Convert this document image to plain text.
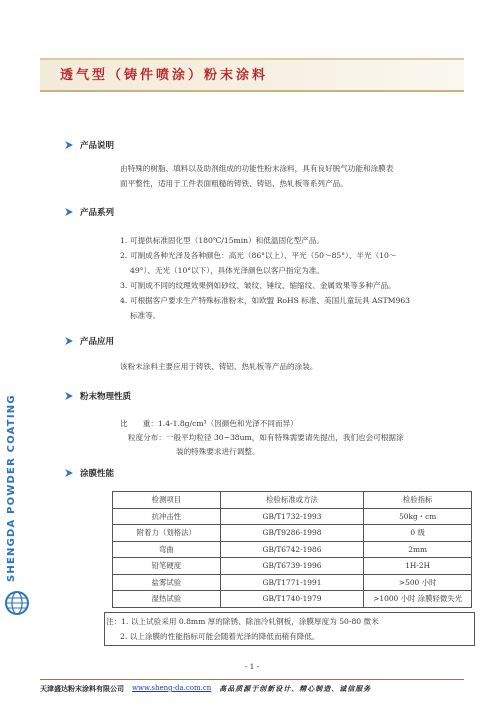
透气型（铸件喷涂）粉末涂料
SHENGDA POWDER COATING
产品说明
由特殊的树脂、填料以及助剂组成的功能性粉末涂料，具有良好脱气功能和涂膜表
面平整性，适用于工件表面粗糙的铸铁、铸铝、热轧板等系列产品。
产品系列
1. 可提供标准固化型（180℃/15min）和低温固化型产品。
2. 可制成各种光泽及各种颜色：高光（86°以上）、平光（50～85°）、半光（10～
49°）、无光（10°以下），具体光泽颜色以客户指定为准。
3. 可制成不同的纹理效果例如砂纹、皱纹、锤纹、缩缩纹、金属效果等多种产品。
4. 可根据客户要求生产特殊标准粉末，如欧盟 RoHS 标准、美国儿童玩具 ASTM963
标准等。
产品应用
该粉末涂料主要应用于铸铁、铸铝、热轧板等产品的涂装。
粉末物理性质
比　　重：1.4-1.8g/cm³（因颜色和光泽不同而异）
粒度分布：一般平均粒径 30~38um，如有特殊需要请先提出，我们也会可根据涂
装的特殊要求进行调整。
涂膜性能
检测项目	检验标准或方法	检验指标
抗冲击性	GB/T1732-1993	50kg・cm
附着力（划格法）	GB/T9286-1998	0 级
弯曲	GB/T6742-1986	2mm
铅笔硬度	GB/T6739-1996	1H-2H
盐雾试验	GB/T1771-1991	>500 小时
湿热试验	GB/T1740-1979	>1000 小时 涂膜轻微失光
注：1. 以上试验采用 0.8mm 厚的除锈、除油冷轧钢板，涂膜厚度为 50-80 微米
2. 以上涂膜的性能指标可能会随着光泽的降低而稍有降低。
- 1 -
天津盛达粉末涂料有限公司 www.sheng-da.com.cn 高品质源于创新设计、精心制造、诚信服务
